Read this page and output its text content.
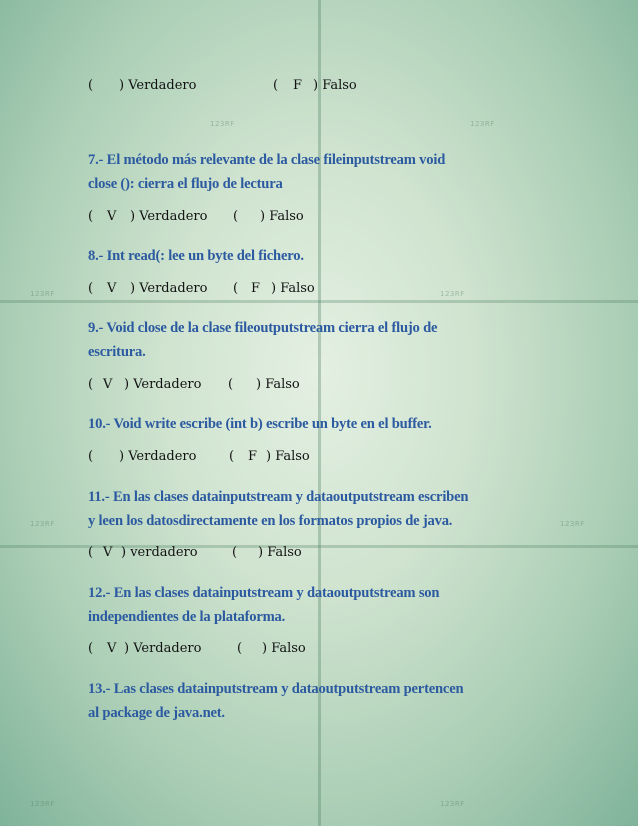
123RF	123RF
123RF	123RF
123RF	123RF
123RF	123RF
( ) Verdadero	( F ) Falso
7.- El método más relevante de la clase fileinputstream void
close (): cierra el flujo de lectura
( V ) Verdadero ( ) Falso
8.- Int read(: lee un byte del fichero.
( V ) Verdadero ( F ) Falso
9.- Void close de la clase fileoutputstream cierra el flujo de
escritura.
( V ) Verdadero ( ) Falso
10.- Void write escribe (int b) escribe un byte en el buffer.
( ) Verdadero	( F ) Falso
11.- En las clases datainputstream y dataoutputstream escriben
y leen los datosdirectamente en los formatos propios de java.
( V ) verdadero	( ) Falso
12.- En las clases datainputstream y dataoutputstream son
independientes de la plataforma.
( V ) Verdadero	( ) Falso
13.- Las clases datainputstream y dataoutputstream pertencen
al package de java.net.
